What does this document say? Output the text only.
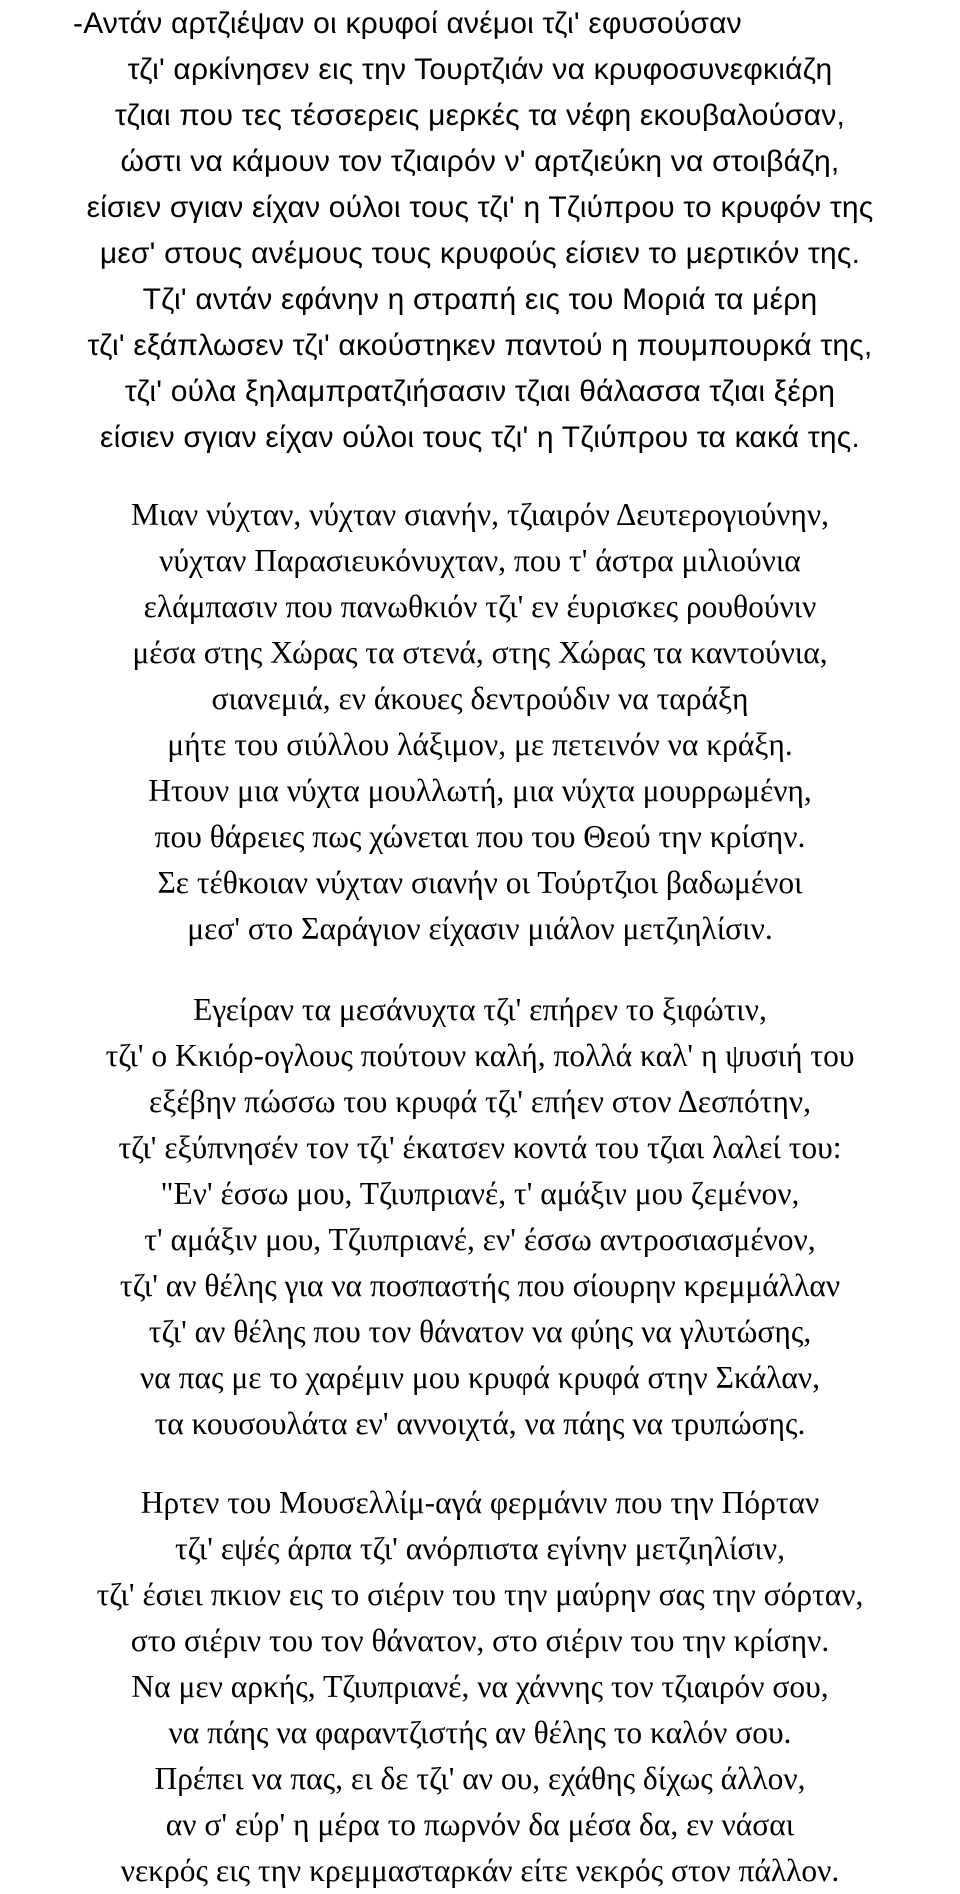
-Αντάν αρτζιέψαν οι κρυφοί ανέμοι τζι' εφυσούσαν
τζι' αρκίνησεν εις την Τουρτζιάν να κρυφοσυνεφκιάζη
τζιαι που τες τέσσερεις μερκές τα νέφη εκουβαλούσαν,
ώστι να κάμουν τον τζιαιρόν ν' αρτζιεύκη να στοιβάζη,
είσιεν σγιαν είχαν ούλοι τους τζι' η Τζιύπρου το κρυφόν της
μεσ' στους ανέμους τους κρυφούς είσιεν το μερτικόν της.
Τζι' αντάν εφάνην η στραπή εις του Μοριά τα μέρη
τζι' εξάπλωσεν τζι' ακούστηκεν παντού η πουμπουρκά της,
τζι' ούλα ξηλαμπρατζιήσασιν τζιαι θάλασσα τζιαι ξέρη
είσιεν σγιαν είχαν ούλοι τους τζι' η Τζιύπρου τα κακά της.
Μιαν νύχταν, νύχταν σιανήν, τζιαιρόν Δευτερογιούνην,
νύχταν Παρασιευκόνυχταν, που τ' άστρα μιλιούνια
ελάμπασιν που πανωθκιόν τζι' εν έυρισκες ρουθούνιν
μέσα στης Χώρας τα στενά, στης Χώρας τα καντούνια,
σιανεμιά, εν άκουες δεντρούδιν να ταράξη
μήτε του σιύλλου λάξιμον, με πετεινόν να κράξη.
Ητουν μια νύχτα μουλλωτή, μια νύχτα μουρρωμένη,
που θάρειες πως χώνεται που του Θεού την κρίσην.
Σε τέθκοιαν νύχταν σιανήν οι Τούρτζιοι βαδωμένοι
μεσ' στο Σαράγιον είχασιν μιάλον μετζιηλίσιν.
Εγείραν τα μεσάνυχτα τζι' επήρεν το ξιφώτιν,
τζι' ο Κκιόρ-ογλους πούτουν καλή, πολλά καλ' η ψυσιή του
εξέβην πώσσω του κρυφά τζι' επήεν στον Δεσπότην,
τζι' εξύπνησέν τον τζι' έκατσεν κοντά του τζιαι λαλεί του:
"Εν' έσσω μου, Τζιυπριανέ, τ' αμάξιν μου ζεμένον,
τ' αμάξιν μου, Τζιυπριανέ, εν' έσσω αντροσιασμένον,
τζι' αν θέλης για να ποσπαστής που σίουρην κρεμμάλλαν
τζι' αν θέλης που τον θάνατον να φύης να γλυτώσης,
να πας με το χαρέμιν μου κρυφά κρυφά στην Σκάλαν,
τα κουσουλάτα εν' αννοιχτά, να πάης να τρυπώσης.
Ηρτεν του Μουσελλίμ-αγά φερμάνιν που την Πόρταν
τζι' εψές άρπα τζι' ανόρπιστα εγίνην μετζιηλίσιν,
τζι' έσιει πκιον εις το σιέριν του την μαύρην σας την σόρταν,
στο σιέριν του τον θάνατον, στο σιέριν του την κρίσην.
Να μεν αρκής, Τζιυπριανέ, να χάννης τον τζιαιρόν σου,
να πάης να φαραντζιστής αν θέλης το καλόν σου.
Πρέπει να πας, ει δε τζι' αν ου, εχάθης δίχως άλλον,
αν σ' εύρ' η μέρα το πωρνόν δα μέσα δα, εν νάσαι
νεκρός εις την κρεμμασταρκάν είτε νεκρός στον πάλλον.
